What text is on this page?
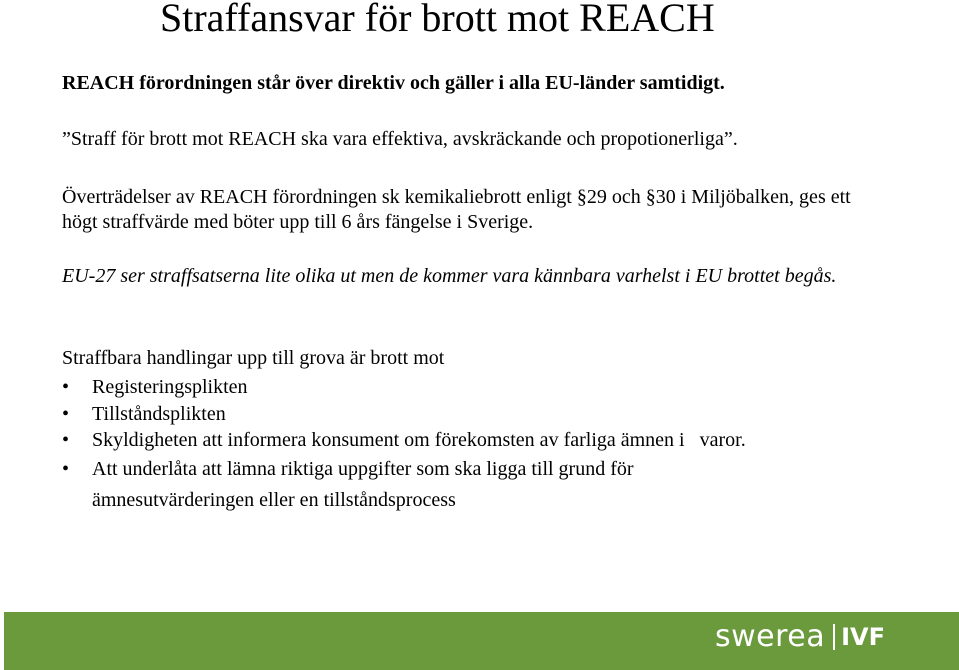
Straffansvar för brott mot REACH

REACH förordningen står över direktiv och gäller i alla EU-länder samtidigt.

”Straff för brott mot REACH ska vara effektiva, avskräckande och propotionerliga”.

Överträdelser av REACH förordningen sk kemikaliebrott enligt §29 och §30 i Miljöbalken, ges ett högt straffvärde med böter upp till 6 års fängelse i Sverige.

EU-27 ser straffsatserna lite olika ut men de kommer vara kännbara varhelst i EU brottet begås.

Straffbara handlingar upp till grova är brott mot

• Registeringsplikten
• Tillståndsplikten
• Skyldigheten att informera konsument om förekomsten av farliga ämnen i   varor.
• Att underlåta att lämna riktiga uppgifter som ska ligga till grund för ämnesutvärderingen eller en tillståndsprocess
swerea IVF
